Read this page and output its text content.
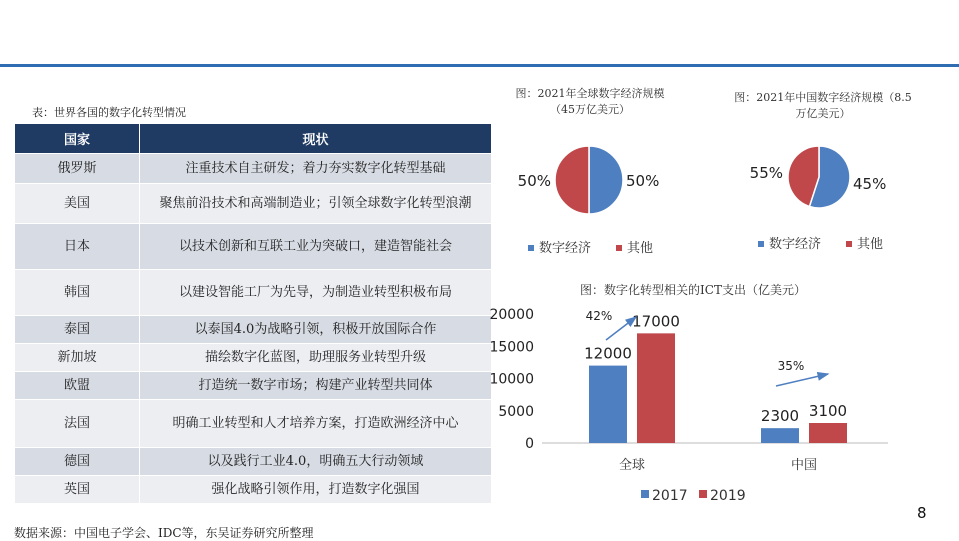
表：世界各国的数字化转型情况
国家	现状
俄罗斯	注重技术自主研发；着力夯实数字化转型基础
美国	聚焦前沿技术和高端制造业；引领全球数字化转型浪潮
日本	以技术创新和互联工业为突破口，建造智能社会
韩国	以建设智能工厂为先导，为制造业转型积极布局
泰国	以泰国4.0为战略引领，积极开放国际合作
新加坡	描绘数字化蓝图，助理服务业转型升级
欧盟	打造统一数字市场；构建产业转型共同体
法国	明确工业转型和人才培养方案，打造欧洲经济中心
德国	以及践行工业4.0，明确五大行动领域
英国	强化战略引领作用，打造数字化强国
图：2021年全球数字经济规模
（45万亿美元）
图：2021年中国数字经济规模（8.5
万亿美元）
图：数字化转型相关的ICT支出（亿美元）
50%	50%
数字经济	其他
55%
45%
数字经济	其他
0
5000
10000
15000
20000
12000
2300
17000
3100
全球	中国
42%
35%
2017 2019
数据来源：中国电子学会、IDC等，东吴证券研究所整理
8
